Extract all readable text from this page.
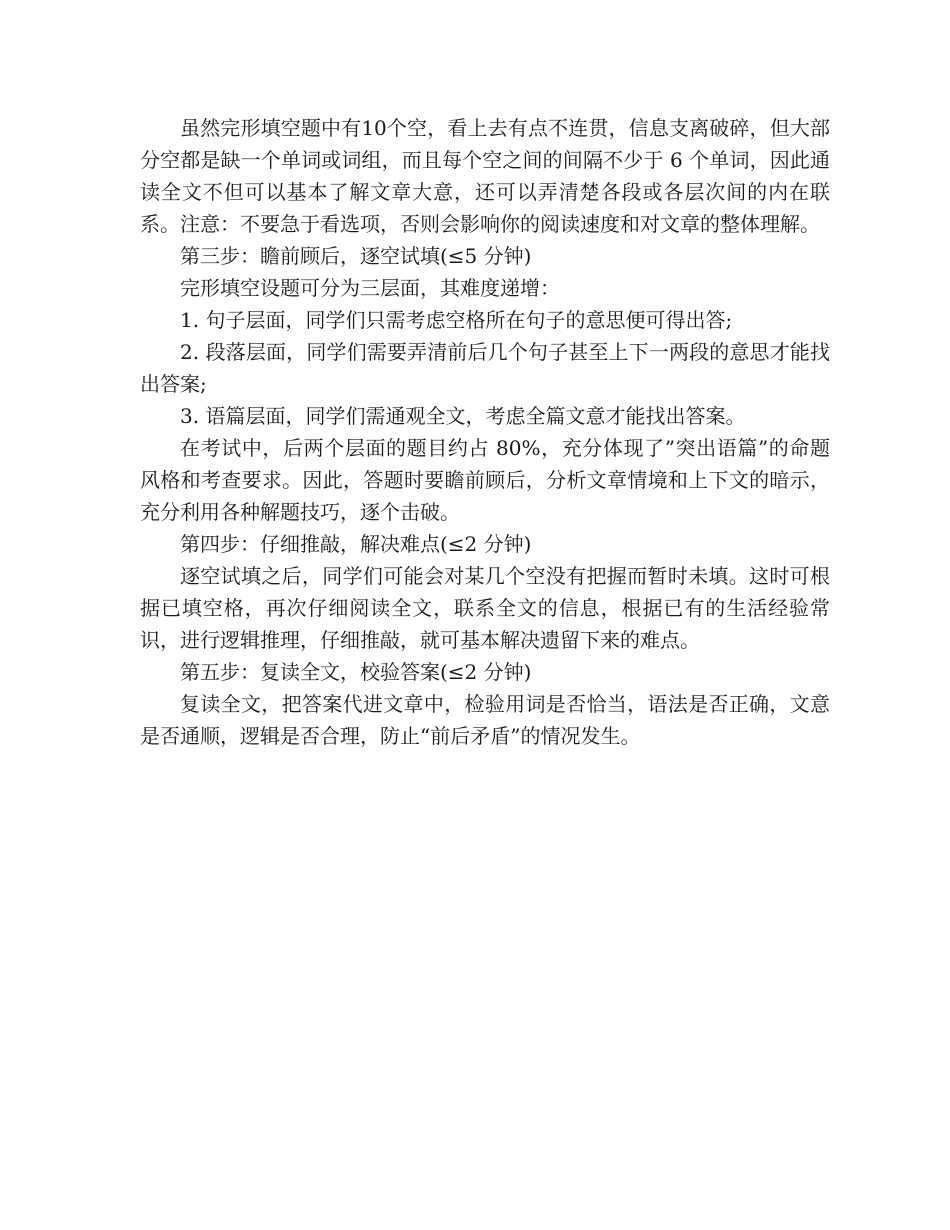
虽然完形填空题中有10个空，看上去有点不连贯，信息支离破碎，但大部分空都是缺一个单词或词组，而且每个空之间的间隔不少于 6 个单词，因此通读全文不但可以基本了解文章大意，还可以弄清楚各段或各层次间的内在联系。注意：不要急于看选项，否则会影响你的阅读速度和对文章的整体理解。

第三步：瞻前顾后，逐空试填(≤5 分钟)

完形填空设题可分为三层面，其难度递增：

1. 句子层面，同学们只需考虑空格所在句子的意思便可得出答;

2. 段落层面，同学们需要弄清前后几个句子甚至上下一两段的意思才能找出答案;

3. 语篇层面，同学们需通观全文，考虑全篇文意才能找出答案。

在考试中，后两个层面的题目约占 80%，充分体现了”突出语篇”的命题风格和考查要求。因此，答题时要瞻前顾后，分析文章情境和上下文的暗示，充分利用各种解题技巧，逐个击破。

第四步：仔细推敲，解决难点(≤2 分钟)

逐空试填之后，同学们可能会对某几个空没有把握而暂时未填。这时可根据已填空格，再次仔细阅读全文，联系全文的信息，根据已有的生活经验常识，进行逻辑推理，仔细推敲，就可基本解决遗留下来的难点。

第五步：复读全文，校验答案(≤2 分钟)

复读全文，把答案代进文章中，检验用词是否恰当，语法是否正确，文意是否通顺，逻辑是否合理，防止“前后矛盾”的情况发生。
